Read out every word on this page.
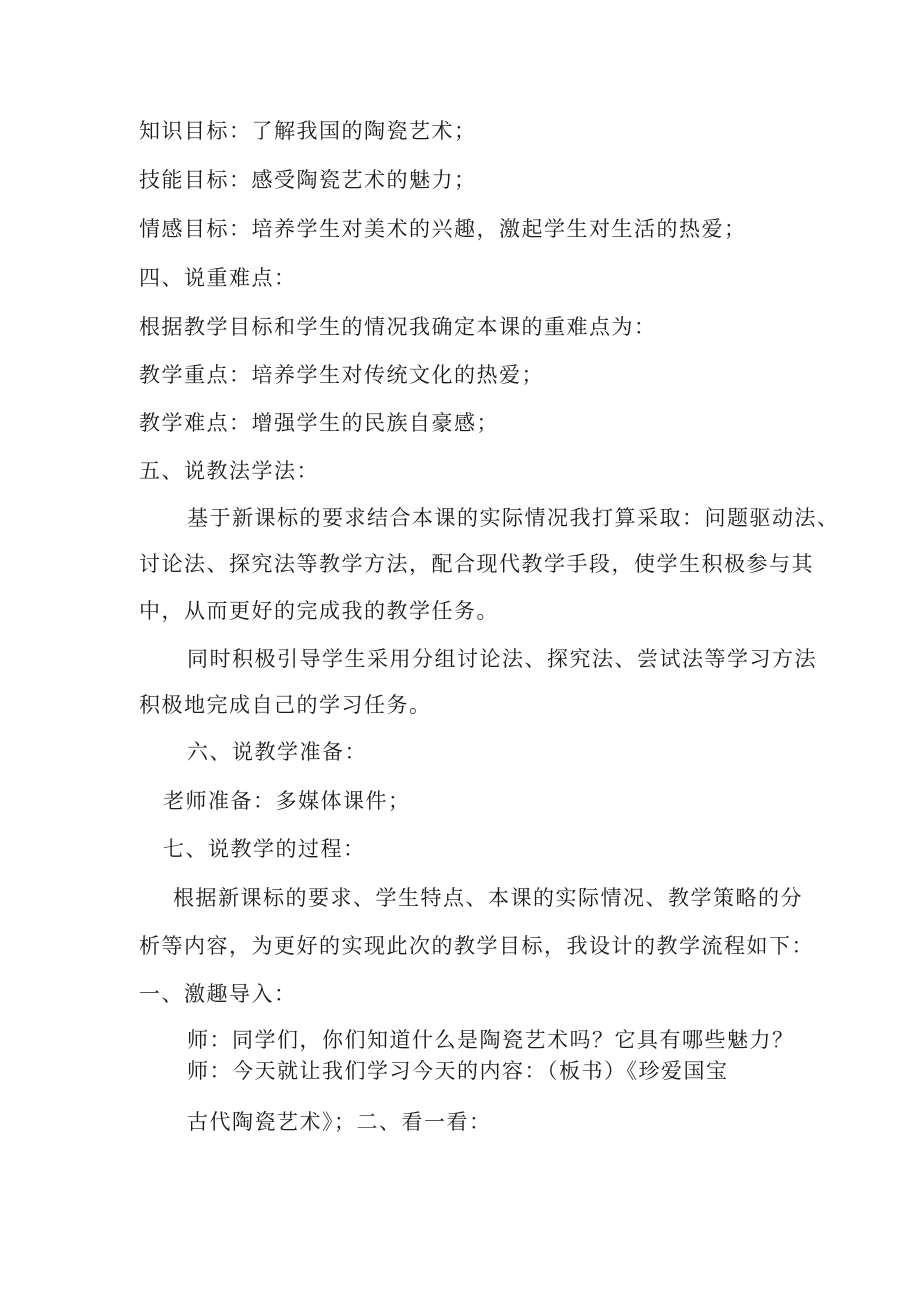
知识目标：了解我国的陶瓷艺术；
技能目标：感受陶瓷艺术的魅力；
情感目标：培养学生对美术的兴趣，激起学生对生活的热爱；
四、说重难点：
根据教学目标和学生的情况我确定本课的重难点为：
教学重点：培养学生对传统文化的热爱；
教学难点：增强学生的民族自豪感；
五、说教法学法：
基于新课标的要求结合本课的实际情况我打算采取：问题驱动法、
讨论法、探究法等教学方法，配合现代教学手段，使学生积极参与其
中，从而更好的完成我的教学任务。
同时积极引导学生采用分组讨论法、探究法、尝试法等学习方法
积极地完成自己的学习任务。
六、说教学准备：
老师准备：多媒体课件；
七、说教学的过程：
根据新课标的要求、学生特点、本课的实际情况、教学策略的分
析等内容，为更好的实现此次的教学目标，我设计的教学流程如下：
一、激趣导入：
师：同学们，你们知道什么是陶瓷艺术吗？它具有哪些魅力？
师：今天就让我们学习今天的内容：（板书）《珍爱国宝
古代陶瓷艺术》；二、看一看：
